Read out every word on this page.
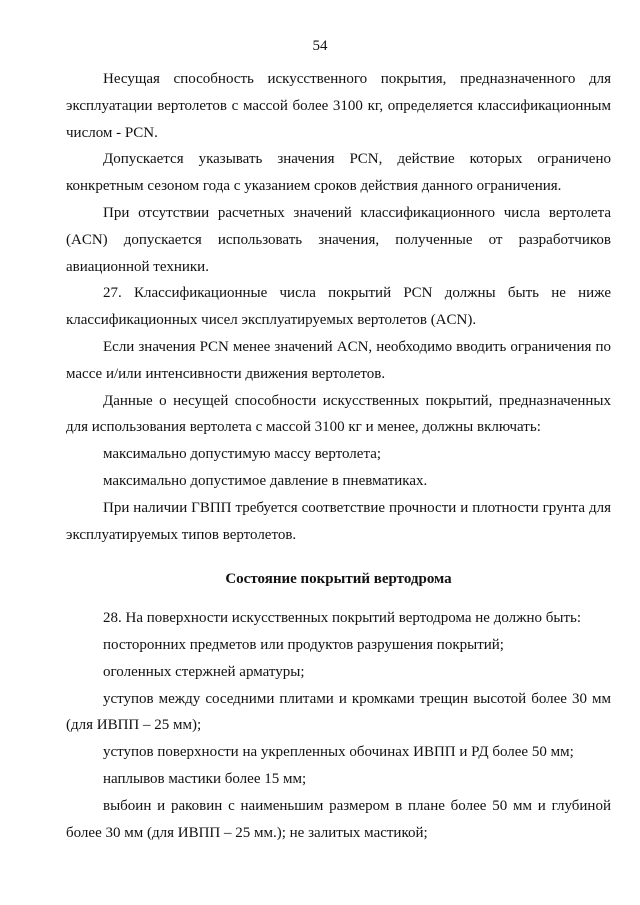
54

Несущая способность искусственного покрытия, предназначенного для эксплуатации вертолетов с массой более 3100 кг, определяется классификационным числом - PCN.

Допускается указывать значения PCN, действие которых ограничено конкретным сезоном года с указанием сроков действия данного ограничения.

При отсутствии расчетных значений классификационного числа вертолета (ACN) допускается использовать значения, полученные от разработчиков авиационной техники.

27. Классификационные числа покрытий PCN должны быть не ниже классификационных чисел эксплуатируемых вертолетов (ACN).

Если значения PCN менее значений ACN, необходимо вводить ограничения по массе и/или интенсивности движения вертолетов.

Данные о несущей способности искусственных покрытий, предназначенных для использования вертолета с массой 3100 кг и менее, должны включать:

максимально допустимую массу вертолета;

максимально допустимое давление в пневматиках.

При наличии ГВПП требуется соответствие прочности и плотности грунта для эксплуатируемых типов вертолетов.

Состояние покрытий вертодрома

28. На поверхности искусственных покрытий вертодрома не должно быть:

посторонних предметов или продуктов разрушения покрытий;

оголенных стержней арматуры;

уступов между соседними плитами и кромками трещин высотой более 30 мм (для ИВПП – 25 мм);

уступов поверхности на укрепленных обочинах ИВПП и РД более 50 мм;

наплывов мастики более 15 мм;

выбоин и раковин с наименьшим размером в плане более 50 мм и глубиной более 30 мм (для ИВПП – 25 мм.); не залитых мастикой;
